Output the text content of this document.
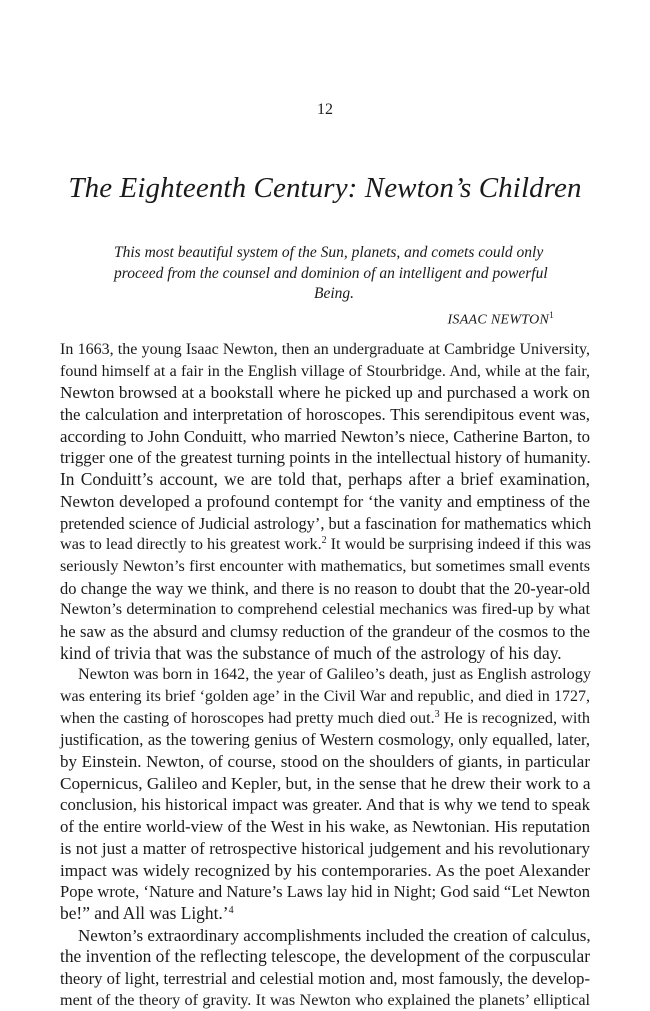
12
The Eighteenth Century: Newton’s Children
This most beautiful system of the Sun, planets, and comets could only
proceed from the counsel and dominion of an intelligent and powerful
Being.
ISAAC NEWTON$^1$
In 1663, the young Isaac Newton, then an undergraduate at Cambridge University,
found himself at a fair in the English village of Stourbridge. And, while at the fair,
Newton browsed at a bookstall where he picked up and purchased a work on
the calculation and interpretation of horoscopes. This serendipitous event was,
according to John Conduitt, who married Newton’s niece, Catherine Barton, to
trigger one of the greatest turning points in the intellectual history of humanity.
In Conduitt’s account, we are told that, perhaps after a brief examination,
Newton developed a profound contempt for ‘the vanity and emptiness of the
pretended science of Judicial astrology’, but a fascination for mathematics which
was to lead directly to his greatest work.$^2$ It would be surprising indeed if this was
seriously Newton’s first encounter with mathematics, but sometimes small events
do change the way we think, and there is no reason to doubt that the 20-year-old
Newton’s determination to comprehend celestial mechanics was fired-up by what
he saw as the absurd and clumsy reduction of the grandeur of the cosmos to the
kind of trivia that was the substance of much of the astrology of his day.
Newton was born in 1642, the year of Galileo’s death, just as English astrology
was entering its brief ‘golden age’ in the Civil War and republic, and died in 1727,
when the casting of horoscopes had pretty much died out.$^3$ He is recognized, with
justification, as the towering genius of Western cosmology, only equalled, later,
by Einstein. Newton, of course, stood on the shoulders of giants, in particular
Copernicus, Galileo and Kepler, but, in the sense that he drew their work to a
conclusion, his historical impact was greater. And that is why we tend to speak
of the entire world-view of the West in his wake, as Newtonian. His reputation
is not just a matter of retrospective historical judgement and his revolutionary
impact was widely recognized by his contemporaries. As the poet Alexander
Pope wrote, ‘Nature and Nature’s Laws lay hid in Night; God said “Let Newton
be!” and All was Light.’$^4$
Newton’s extraordinary accomplishments included the creation of calculus,
the invention of the reflecting telescope, the development of the corpuscular
theory of light, terrestrial and celestial motion and, most famously, the develop-
ment of the theory of gravity. It was Newton who explained the planets’ elliptical
